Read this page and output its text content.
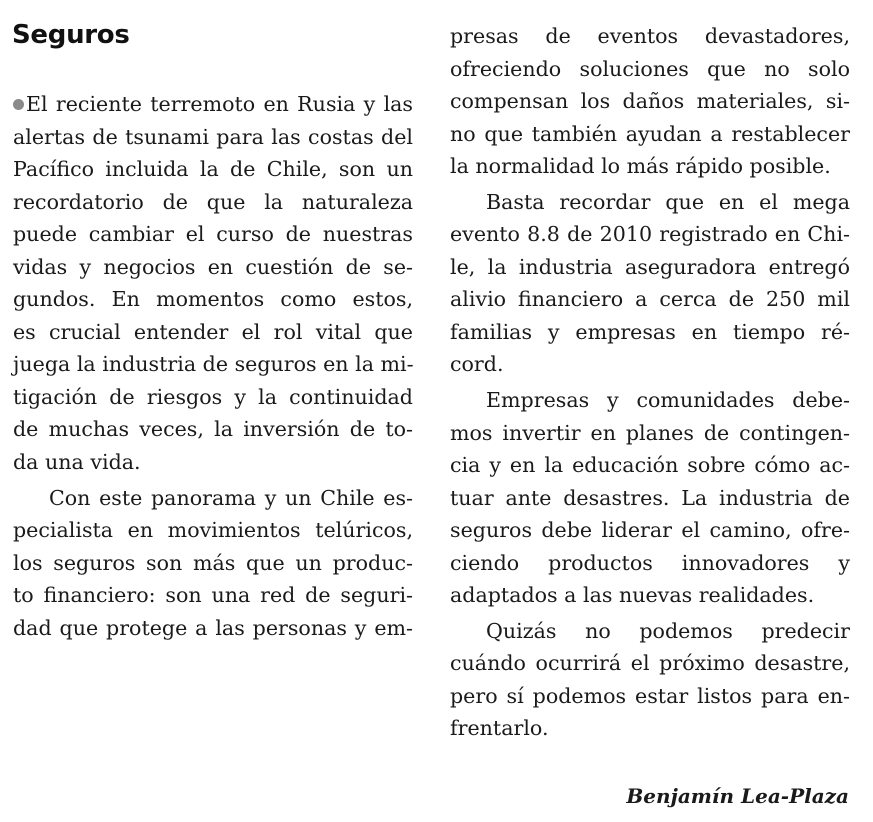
Seguros
El reciente terremoto en Rusia y las
alertas de tsunami para las costas del
Pacífico incluida la de Chile, son un
recordatorio de que la naturaleza
puede cambiar el curso de nuestras
vidas y negocios en cuestión de se-
gundos. En momentos como estos,
es crucial entender el rol vital que
juega la industria de seguros en la mi-
tigación de riesgos y la continuidad
de muchas veces, la inversión de to-
da una vida.
Con este panorama y un Chile es-
pecialista en movimientos telúricos,
los seguros son más que un produc-
to financiero: son una red de seguri-
dad que protege a las personas y em-
presas de eventos devastadores,
ofreciendo soluciones que no solo
compensan los daños materiales, si-
no que también ayudan a restablecer
la normalidad lo más rápido posible.
Basta recordar que en el mega
evento 8.8 de 2010 registrado en Chi-
le, la industria aseguradora entregó
alivio financiero a cerca de 250 mil
familias y empresas en tiempo ré-
cord.
Empresas y comunidades debe-
mos invertir en planes de contingen-
cia y en la educación sobre cómo ac-
tuar ante desastres. La industria de
seguros debe liderar el camino, ofre-
ciendo productos innovadores y
adaptados a las nuevas realidades.
Quizás no podemos predecir
cuándo ocurrirá el próximo desastre,
pero sí podemos estar listos para en-
frentarlo.

Benjamín Lea-Plaza
